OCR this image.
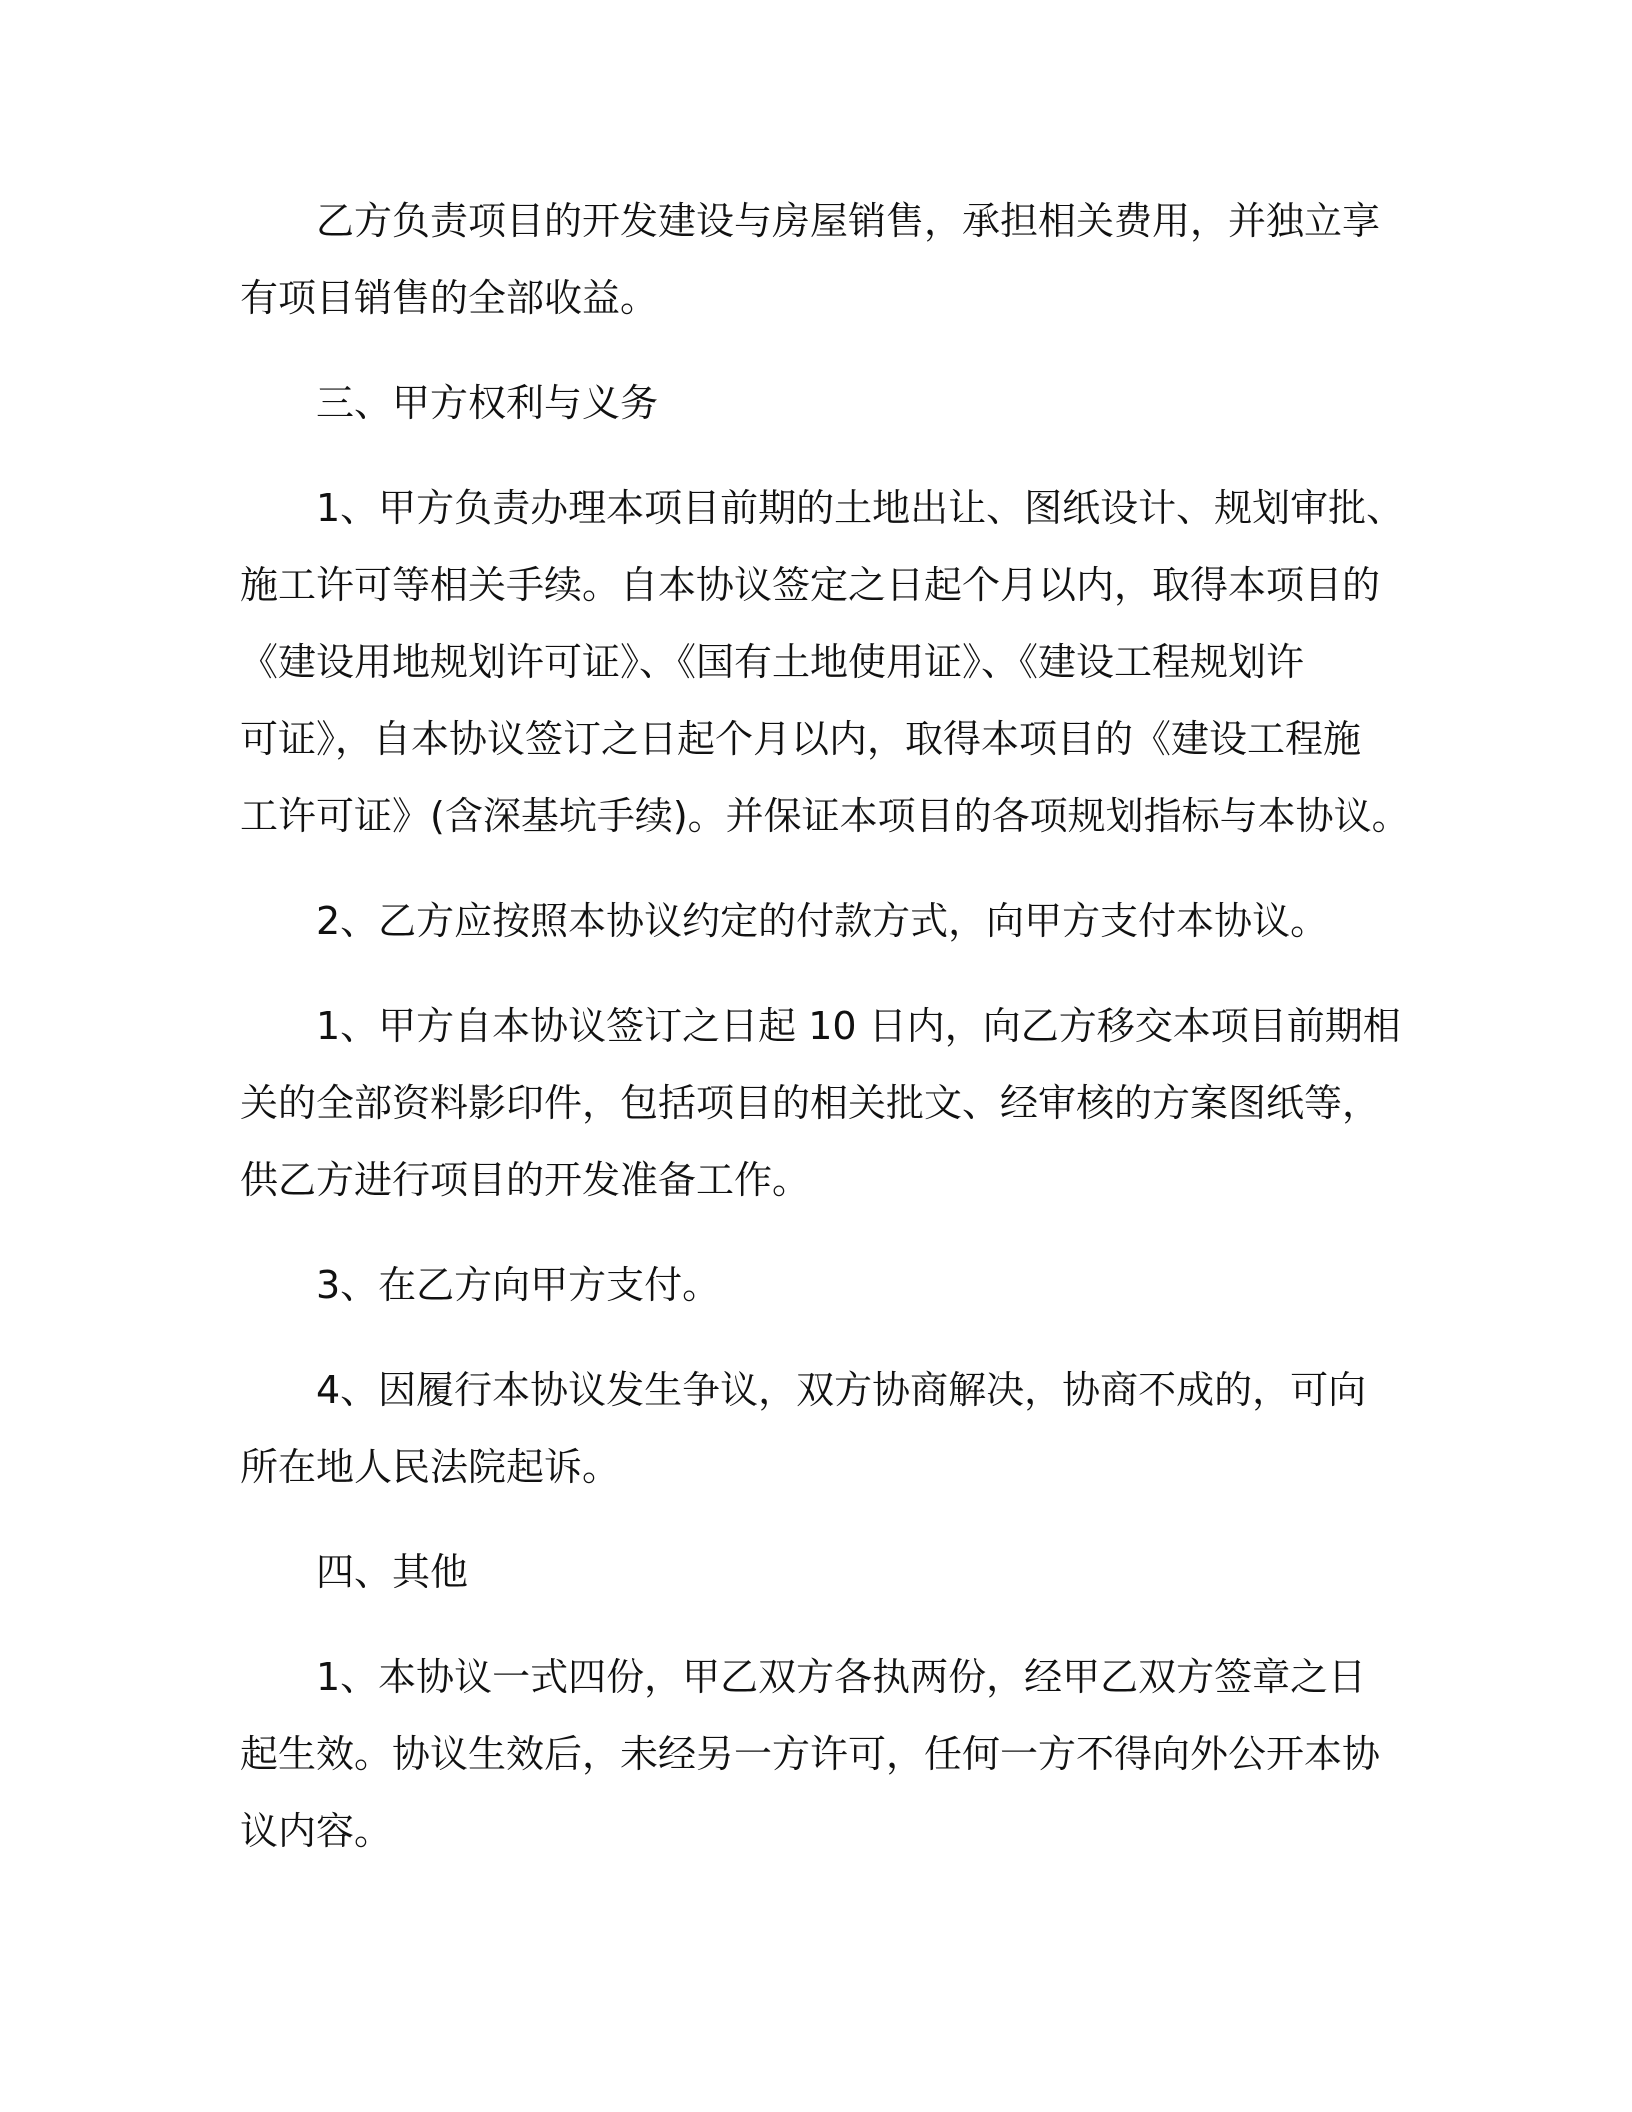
乙方负责项目的开发建设与房屋销售，承担相关费用，并独立享
有项目销售的全部收益。

三、甲方权利与义务

1、甲方负责办理本项目前期的土地出让、图纸设计、规划审批、
施工许可等相关手续。自本协议签定之日起个月以内，取得本项目的
《建设用地规划许可证》、《国有土地使用证》、《建设工程规划许
可证》，自本协议签订之日起个月以内，取得本项目的《建设工程施
工许可证》(含深基坑手续)。并保证本项目的各项规划指标与本协议。

2、乙方应按照本协议约定的付款方式，向甲方支付本协议。

1、甲方自本协议签订之日起 10 日内，向乙方移交本项目前期相
关的全部资料影印件，包括项目的相关批文、经审核的方案图纸等，
供乙方进行项目的开发准备工作。

3、在乙方向甲方支付。

4、因履行本协议发生争议，双方协商解决，协商不成的，可向
所在地人民法院起诉。

四、其他

1、本协议一式四份，甲乙双方各执两份，经甲乙双方签章之日
起生效。协议生效后，未经另一方许可，任何一方不得向外公开本协
议内容。
